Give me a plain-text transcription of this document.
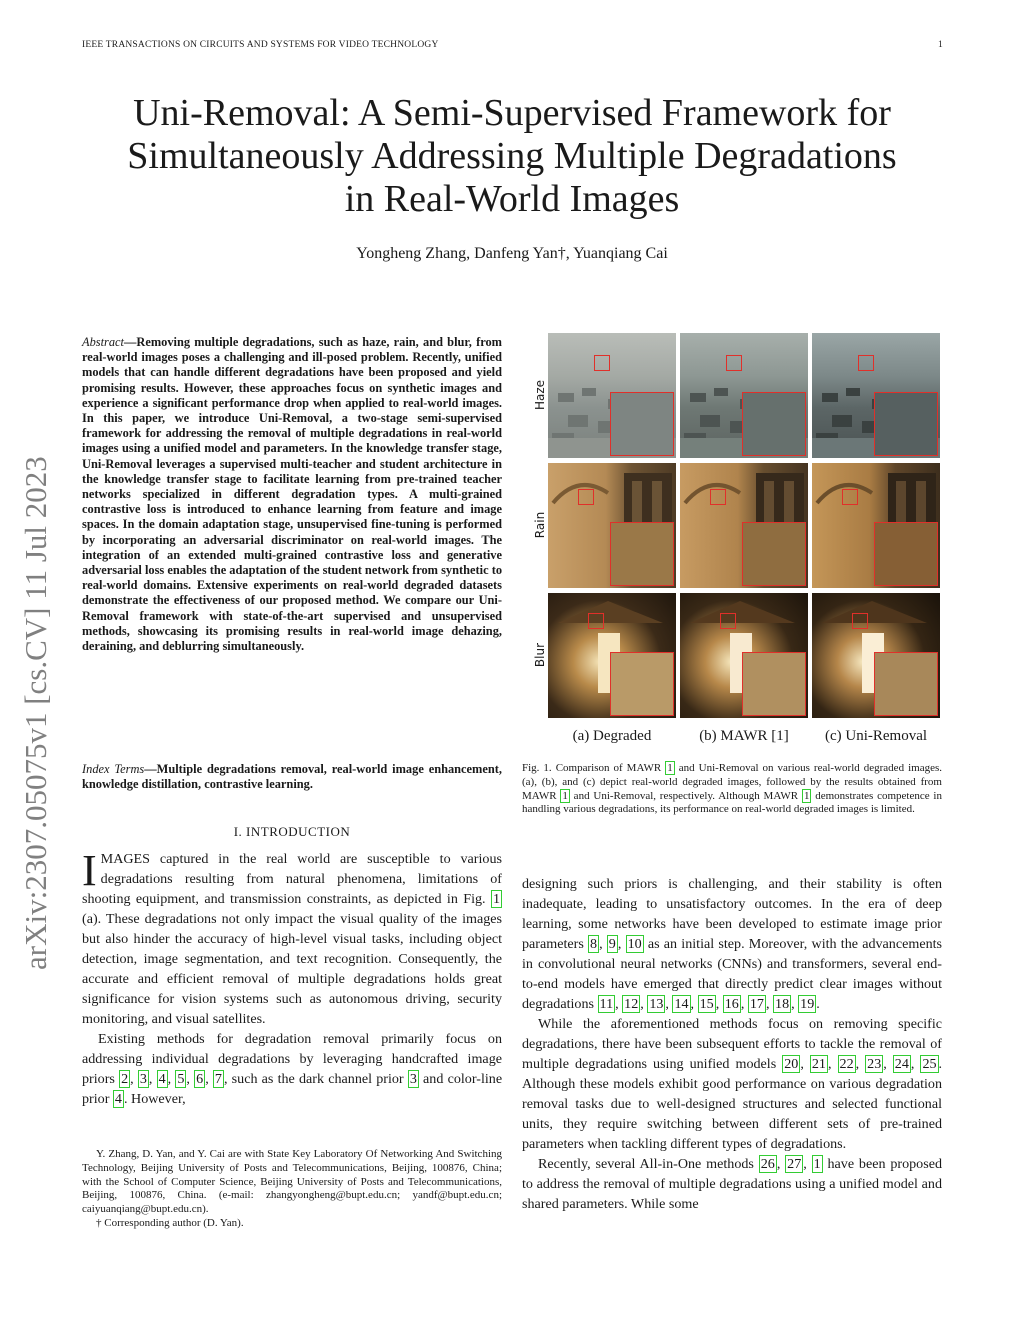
IEEE TRANSACTIONS ON CIRCUITS AND SYSTEMS FOR VIDEO TECHNOLOGY	1
Uni-Removal: A Semi-Supervised Framework for
Simultaneously Addressing Multiple Degradations
in Real-World Images
Yongheng Zhang, Danfeng Yan†, Yuanqiang Cai
arXiv:2307.05075v1 [cs.CV] 11 Jul 2023
Abstract—Removing multiple degradations, such as haze, rain, and blur, from real-world images poses a challenging and ill-posed problem. Recently, unified models that can handle different degradations have been proposed and yield promising results. However, these approaches focus on synthetic images and experience a significant performance drop when applied to real-world images. In this paper, we introduce Uni-Removal, a two-stage semi-supervised framework for addressing the removal of multiple degradations in real-world images using a unified model and parameters. In the knowledge transfer stage, Uni-Removal leverages a supervised multi-teacher and student architecture in the knowledge transfer stage to facilitate learning from pre-trained teacher networks specialized in different degradation types. A multi-grained contrastive loss is introduced to enhance learning from feature and image spaces. In the domain adaptation stage, unsupervised fine-tuning is performed by incorporating an adversarial discriminator on real-world images. The integration of an extended multi-grained contrastive loss and generative adversarial loss enables the adaptation of the student network from synthetic to real-world domains. Extensive experiments on real-world degraded datasets demonstrate the effectiveness of our proposed method. We compare our Uni-Removal framework with state-of-the-art supervised and unsupervised methods, showcasing its promising results in real-world image dehazing, deraining, and deblurring simultaneously.
Index Terms—Multiple degradations removal, real-world image enhancement, knowledge distillation, contrastive learning.
I. INTRODUCTION

IMAGES captured in the real world are susceptible to various degradations resulting from natural phenomena, limitations of shooting equipment, and transmission constraints, as depicted in Fig. 1 (a). These degradations not only impact the visual quality of the images but also hinder the accuracy of high-level visual tasks, including object detection, image segmentation, and text recognition. Consequently, the accurate and efficient removal of multiple degradations holds great significance for vision systems such as autonomous driving, security monitoring, and visual satellites.

Existing methods for degradation removal primarily focus on addressing individual degradations by leveraging handcrafted image priors 2 , 3 , 4 , 5 , 6 , 7 , such as the dark channel prior 3 and color-line prior 4 . However,

Y. Zhang, D. Yan, and Y. Cai are with State Key Laboratory Of Networking And Switching Technology, Beijing University of Posts and Telecommunications, Beijing, 100876, China; with the School of Computer Science, Beijing University of Posts and Telecommunications, Beijing, 100876, China. (e-mail: zhangyongheng@bupt.edu.cn; yandf@bupt.edu.cn; caiyuanqiang@bupt.edu.cn).

† Corresponding author (D. Yan).

Haze
Rain
Blur
(a) Degraded	(b) MAWR [1]	(c) Uni-Removal
Fig. 1. Comparison of MAWR 1 and Uni-Removal on various real-world degraded images. (a), (b), and (c) depict real-world degraded images, followed by the results obtained from MAWR 1 and Uni-Removal, respectively. Although MAWR 1 demonstrates competence in handling various degradations, its performance on real-world degraded images is limited.

designing such priors is challenging, and their stability is often inadequate, leading to unsatisfactory outcomes. In the era of deep learning, some networks have been developed to estimate image prior parameters 8 , 9 , 10 as an initial step. Moreover, with the advancements in convolutional neural networks (CNNs) and transformers, several end-to-end models have emerged that directly predict clear images without degradations 11 , 12 , 13 , 14 , 15 , 16 , 17 , 18 , 19 .

While the aforementioned methods focus on removing specific degradations, there have been subsequent efforts to tackle the removal of multiple degradations using unified models 20 , 21 , 22 , 23 , 24 , 25 . Although these models exhibit good performance on various degradation removal tasks due to well-designed structures and selected functional units, they require switching between different sets of pre-trained parameters when tackling different types of degradations.

Recently, several All-in-One methods 26 , 27 , 1 have been proposed to address the removal of multiple degradations using a unified model and shared parameters. While some
